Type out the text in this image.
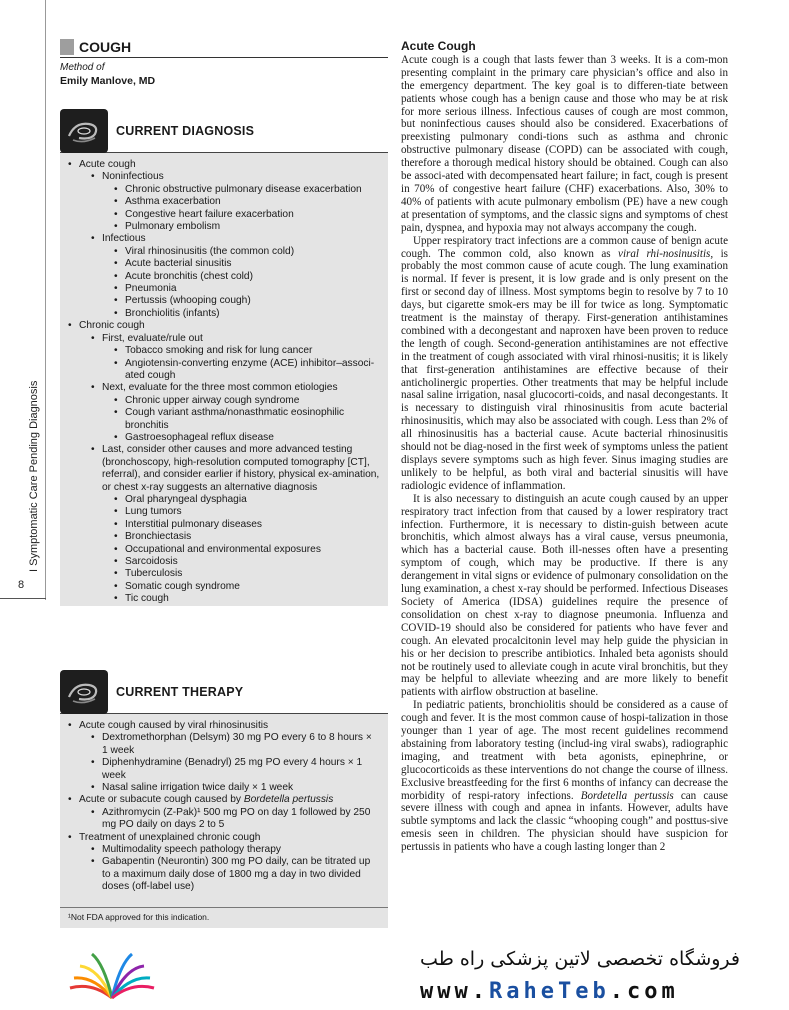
I Symptomatic Care Pending Diagnosis
8
COUGH
Method of
Emily Manlove, MD
CURRENT DIAGNOSIS
• Acute cough
• Noninfectious
• Chronic obstructive pulmonary disease exacerbation
• Asthma exacerbation
• Congestive heart failure exacerbation
• Pulmonary embolism
• Infectious
• Viral rhinosinusitis (the common cold)
• Acute bacterial sinusitis
• Acute bronchitis (chest cold)
• Pneumonia
• Pertussis (whooping cough)
• Bronchiolitis (infants)
• Chronic cough
• First, evaluate/rule out
• Tobacco smoking and risk for lung cancer
• Angiotensin-converting enzyme (ACE) inhibitor–associ-ated cough
• Next, evaluate for the three most common etiologies
• Chronic upper airway cough syndrome
• Cough variant asthma/nonasthmatic eosinophilic bronchitis
• Gastroesophageal reflux disease
• Last, consider other causes and more advanced testing (bronchoscopy, high-resolution computed tomography [CT], referral), and consider earlier if history, physical ex-amination, or chest x-ray suggests an alternative diagnosis
• Oral pharyngeal dysphagia
• Lung tumors
• Interstitial pulmonary diseases
• Bronchiectasis
• Occupational and environmental exposures
• Sarcoidosis
• Tuberculosis
• Somatic cough syndrome
• Tic cough
CURRENT THERAPY
• Acute cough caused by viral rhinosinusitis
• Dextromethorphan (Delsym) 30 mg PO every 6 to 8 hours × 1 week
• Diphenhydramine (Benadryl) 25 mg PO every 4 hours × 1 week
• Nasal saline irrigation twice daily × 1 week
• Acute or subacute cough caused by Bordetella pertussis
• Azithromycin (Z-Pak)¹ 500 mg PO on day 1 followed by 250 mg PO daily on days 2 to 5
• Treatment of unexplained chronic cough
• Multimodality speech pathology therapy
• Gabapentin (Neurontin) 300 mg PO daily, can be titrated up to a maximum daily dose of 1800 mg a day in two divided doses (off-label use)
¹Not FDA approved for this indication.
Acute Cough

Acute cough is a cough that lasts fewer than 3 weeks. It is a com-mon presenting complaint in the primary care physician’s office and also in the emergency department. The key goal is to differen-tiate between patients whose cough has a benign cause and those who may be at risk for more serious illness. Infectious causes of cough are most common, but noninfectious causes should also be considered. Exacerbations of preexisting pulmonary condi-tions such as asthma and chronic obstructive pulmonary disease (COPD) can be associated with cough, therefore a thorough medical history should be obtained. Cough can also be associ-ated with decompensated heart failure; in fact, cough is present in 70% of congestive heart failure (CHF) exacerbations. Also, 30% to 40% of patients with acute pulmonary embolism (PE) have a new cough at presentation of symptoms, and the classic signs and symptoms of chest pain, dyspnea, and hypoxia may not always accompany the cough.

Upper respiratory tract infections are a common cause of benign acute cough. The common cold, also known as viral rhi-nosinusitis, is probably the most common cause of acute cough. The lung examination is normal. If fever is present, it is low grade and is only present on the first or second day of illness. Most symptoms begin to resolve by 7 to 10 days, but cigarette smok-ers may be ill for twice as long. Symptomatic treatment is the mainstay of therapy. First-generation antihistamines combined with a decongestant and naproxen have been proven to reduce the length of cough. Second-generation antihistamines are not effective in the treatment of cough associated with viral rhinosi-nusitis; it is likely that first-generation antihistamines are effective because of their anticholinergic properties. Other treatments that may be helpful include nasal saline irrigation, nasal glucocorti-coids, and nasal decongestants. It is necessary to distinguish viral rhinosinusitis from acute bacterial rhinosinusitis, which may also be associated with cough. Less than 2% of all rhinosinusitis has a bacterial cause. Acute bacterial rhinosinusitis should not be diag-nosed in the first week of symptoms unless the patient displays severe symptoms such as high fever. Sinus imaging studies are unlikely to be helpful, as both viral and bacterial sinusitis will have radiologic evidence of inflammation.

It is also necessary to distinguish an acute cough caused by an upper respiratory tract infection from that caused by a lower respiratory tract infection. Furthermore, it is necessary to distin-guish between acute bronchitis, which almost always has a viral cause, versus pneumonia, which has a bacterial cause. Both ill-nesses often have a presenting symptom of cough, which may be productive. If there is any derangement in vital signs or evidence of pulmonary consolidation on the lung examination, a chest x-ray should be performed. Infectious Diseases Society of America (IDSA) guidelines require the presence of consolidation on chest x-ray to diagnose pneumonia. Influenza and COVID-19 should also be considered for patients who have fever and cough. An elevated procalcitonin level may help guide the physician in his or her decision to prescribe antibiotics. Inhaled beta agonists should not be routinely used to alleviate cough in acute viral bronchitis, but they may be helpful to alleviate wheezing and are more likely to benefit patients with airflow obstruction at baseline.

In pediatric patients, bronchiolitis should be considered as a cause of cough and fever. It is the most common cause of hospi-talization in those younger than 1 year of age. The most recent guidelines recommend abstaining from laboratory testing (includ-ing viral swabs), radiographic imaging, and treatment with beta agonists, epinephrine, or glucocorticoids as these interventions do not change the course of illness. Exclusive breastfeeding for the first 6 months of infancy can decrease the morbidity of respi-ratory infections. Bordetella pertussis can cause severe illness with cough and apnea in infants. However, adults have subtle symptoms and lack the classic “whooping cough” and posttus-sive emesis seen in children. The physician should have suspicion for pertussis in patients who have a cough lasting longer than 2

فروشگاه تخصصی لاتین پزشکی راه طب
www.RaheTeb.com
